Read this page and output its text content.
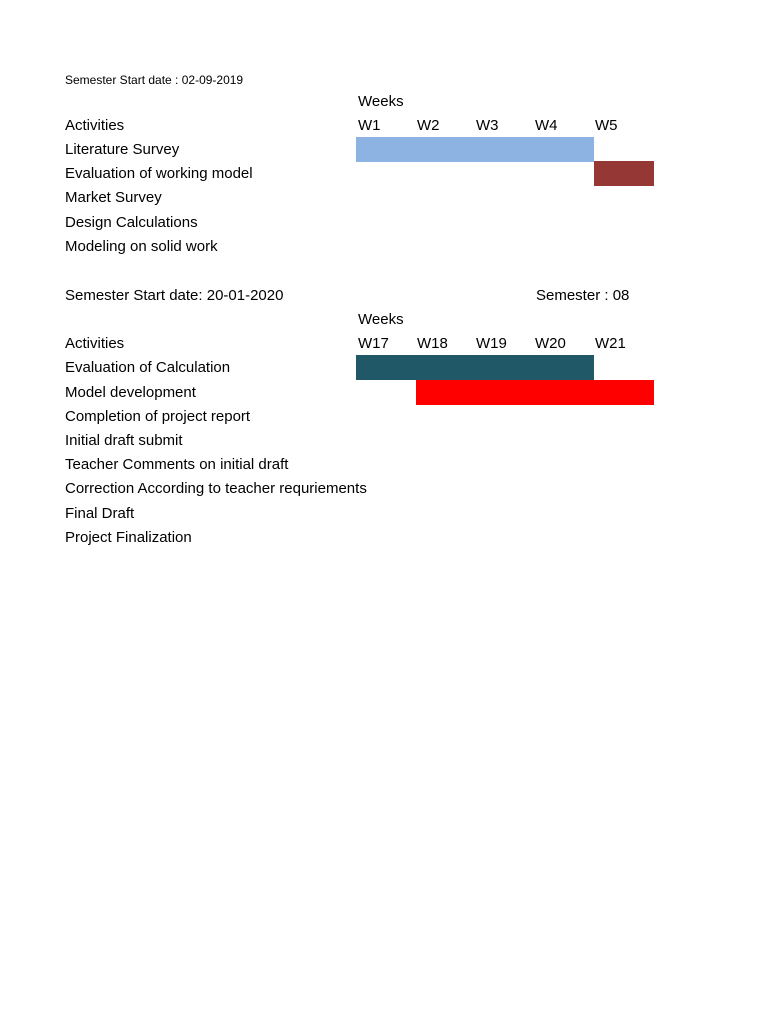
Semester Start date : 02-09-2019
Weeks
Activities	W1 W2 W3 W4	W5
Literature Survey
Evaluation of working model
Market Survey
Design Calculations
Modeling on solid work
Semester Start date: 20-01-2020	Semester : 08
Weeks
Activities	W17 W18 W19 W20 W21
Evaluation of Calculation
Model development
Completion of project report
Initial draft submit
Teacher Comments on initial draft
Correction According to teacher requriements
Final Draft
Project Finalization
